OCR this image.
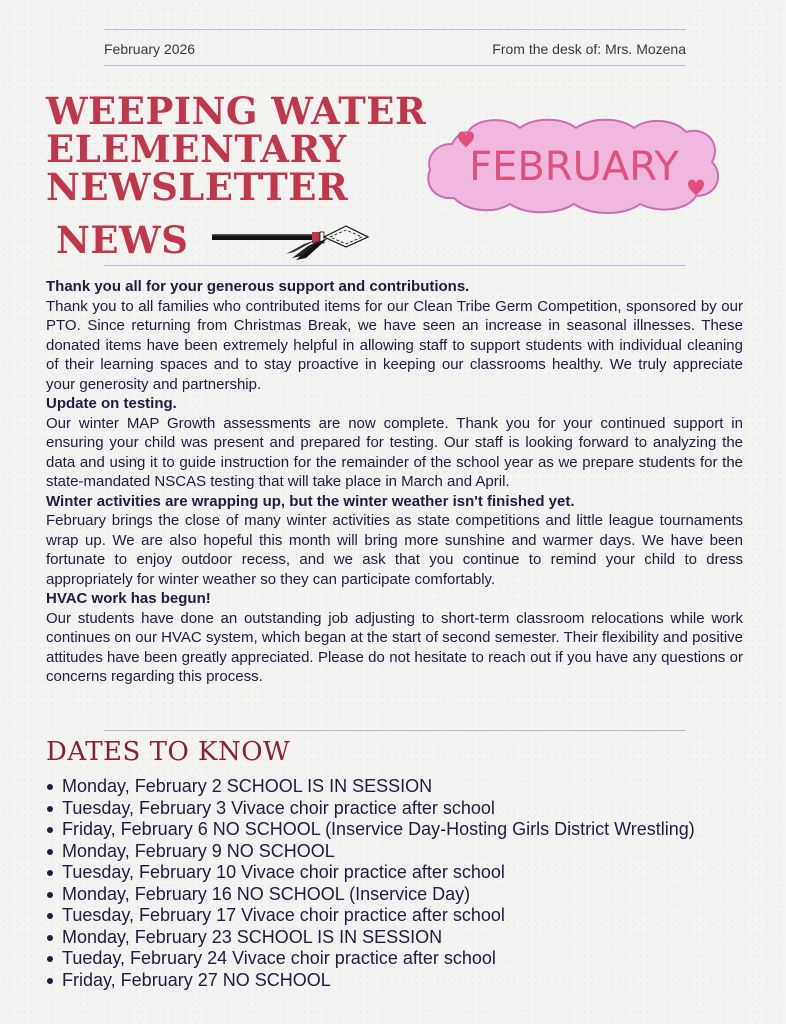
February 2026	From the desk of: Mrs. Mozena
WEEPING WATER
ELEMENTARY
NEWSLETTER
NEWS
FEBRUARY
Thank you all for your generous support and contributions.

Thank you to all families who contributed items for our Clean Tribe Germ Competition, sponsored by our PTO. Since returning from Christmas Break, we have seen an increase in seasonal illnesses. These donated items have been extremely helpful in allowing staff to support students with individual cleaning of their learning spaces and to stay proactive in keeping our classrooms healthy. We truly appreciate your generosity and partnership.

Update on testing.

Our winter MAP Growth assessments are now complete. Thank you for your continued support in ensuring your child was present and prepared for testing. Our staff is looking forward to analyzing the data and using it to guide instruction for the remainder of the school year as we prepare students for the state-mandated NSCAS testing that will take place in March and April.

Winter activities are wrapping up, but the winter weather isn't finished yet.

February brings the close of many winter activities as state competitions and little league tournaments wrap up. We are also hopeful this month will bring more sunshine and warmer days. We have been fortunate to enjoy outdoor recess, and we ask that you continue to remind your child to dress appropriately for winter weather so they can participate comfortably.

HVAC work has begun!

Our students have done an outstanding job adjusting to short-term classroom relocations while work continues on our HVAC system, which began at the start of second semester. Their flexibility and positive attitudes have been greatly appreciated. Please do not hesitate to reach out if you have any questions or concerns regarding this process.

DATES TO KNOW
Monday, February 2 SCHOOL IS IN SESSION
Tuesday, February 3 Vivace choir practice after school
Friday, February 6 NO SCHOOL (Inservice Day-Hosting Girls District Wrestling)
Monday, February 9 NO SCHOOL
Tuesday, February 10 Vivace choir practice after school
Monday, February 16 NO SCHOOL (Inservice Day)
Tuesday, February 17 Vivace choir practice after school
Monday, February 23 SCHOOL IS IN SESSION
Tueday, February 24 Vivace choir practice after school
Friday, February 27 NO SCHOOL
